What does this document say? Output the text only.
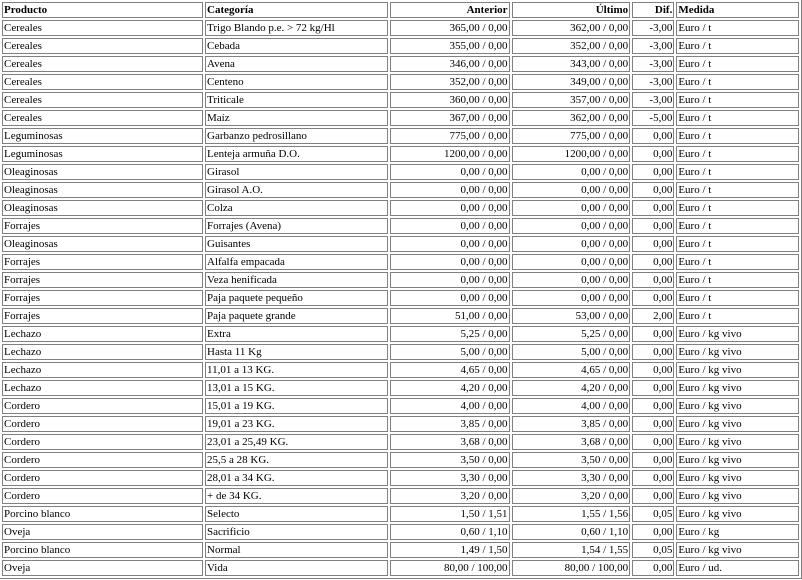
Producto	Categoría	Anterior	Último	Dif.	Medida
Cereales	Trigo Blando p.e. > 72 kg/Hl	365,00 / 0,00	362,00 / 0,00	-3,00	Euro / t
Cereales	Cebada	355,00 / 0,00	352,00 / 0,00	-3,00	Euro / t
Cereales	Avena	346,00 / 0,00	343,00 / 0,00	-3,00	Euro / t
Cereales	Centeno	352,00 / 0,00	349,00 / 0,00	-3,00	Euro / t
Cereales	Triticale	360,00 / 0,00	357,00 / 0,00	-3,00	Euro / t
Cereales	Maíz	367,00 / 0,00	362,00 / 0,00	-5,00	Euro / t
Leguminosas	Garbanzo pedrosillano	775,00 / 0,00	775,00 / 0,00	0,00	Euro / t
Leguminosas	Lenteja armuña D.O.	1200,00 / 0,00	1200,00 / 0,00	0,00	Euro / t
Oleaginosas	Girasol	0,00 / 0,00	0,00 / 0,00	0,00	Euro / t
Oleaginosas	Girasol A.O.	0,00 / 0,00	0,00 / 0,00	0,00	Euro / t
Oleaginosas	Colza	0,00 / 0,00	0,00 / 0,00	0,00	Euro / t
Forrajes	Forrajes (Avena)	0,00 / 0,00	0,00 / 0,00	0,00	Euro / t
Oleaginosas	Guisantes	0,00 / 0,00	0,00 / 0,00	0,00	Euro / t
Forrajes	Alfalfa empacada	0,00 / 0,00	0,00 / 0,00	0,00	Euro / t
Forrajes	Veza henificada	0,00 / 0,00	0,00 / 0,00	0,00	Euro / t
Forrajes	Paja paquete pequeño	0,00 / 0,00	0,00 / 0,00	0,00	Euro / t
Forrajes	Paja paquete grande	51,00 / 0,00	53,00 / 0,00	2,00	Euro / t
Lechazo	Extra	5,25 / 0,00	5,25 / 0,00	0,00	Euro / kg vivo
Lechazo	Hasta 11 Kg	5,00 / 0,00	5,00 / 0,00	0,00	Euro / kg vivo
Lechazo	11,01 a 13 KG.	4,65 / 0,00	4,65 / 0,00	0,00	Euro / kg vivo
Lechazo	13,01 a 15 KG.	4,20 / 0,00	4,20 / 0,00	0,00	Euro / kg vivo
Cordero	15,01 a 19 KG.	4,00 / 0,00	4,00 / 0,00	0,00	Euro / kg vivo
Cordero	19,01 a 23 KG.	3,85 / 0,00	3,85 / 0,00	0,00	Euro / kg vivo
Cordero	23,01 a 25,49 KG.	3,68 / 0,00	3,68 / 0,00	0,00	Euro / kg vivo
Cordero	25,5 a 28 KG.	3,50 / 0,00	3,50 / 0,00	0,00	Euro / kg vivo
Cordero	28,01 a 34 KG.	3,30 / 0,00	3,30 / 0,00	0,00	Euro / kg vivo
Cordero	+ de 34 KG.	3,20 / 0,00	3,20 / 0,00	0,00	Euro / kg vivo
Porcino blanco	Selecto	1,50 / 1,51	1,55 / 1,56	0,05	Euro / kg vivo
Oveja	Sacrificio	0,60 / 1,10	0,60 / 1,10	0,00	Euro / kg
Porcino blanco	Normal	1,49 / 1,50	1,54 / 1,55	0,05	Euro / kg vivo
Oveja	Vida	80,00 / 100,00	80,00 / 100,00	0,00	Euro / ud.
